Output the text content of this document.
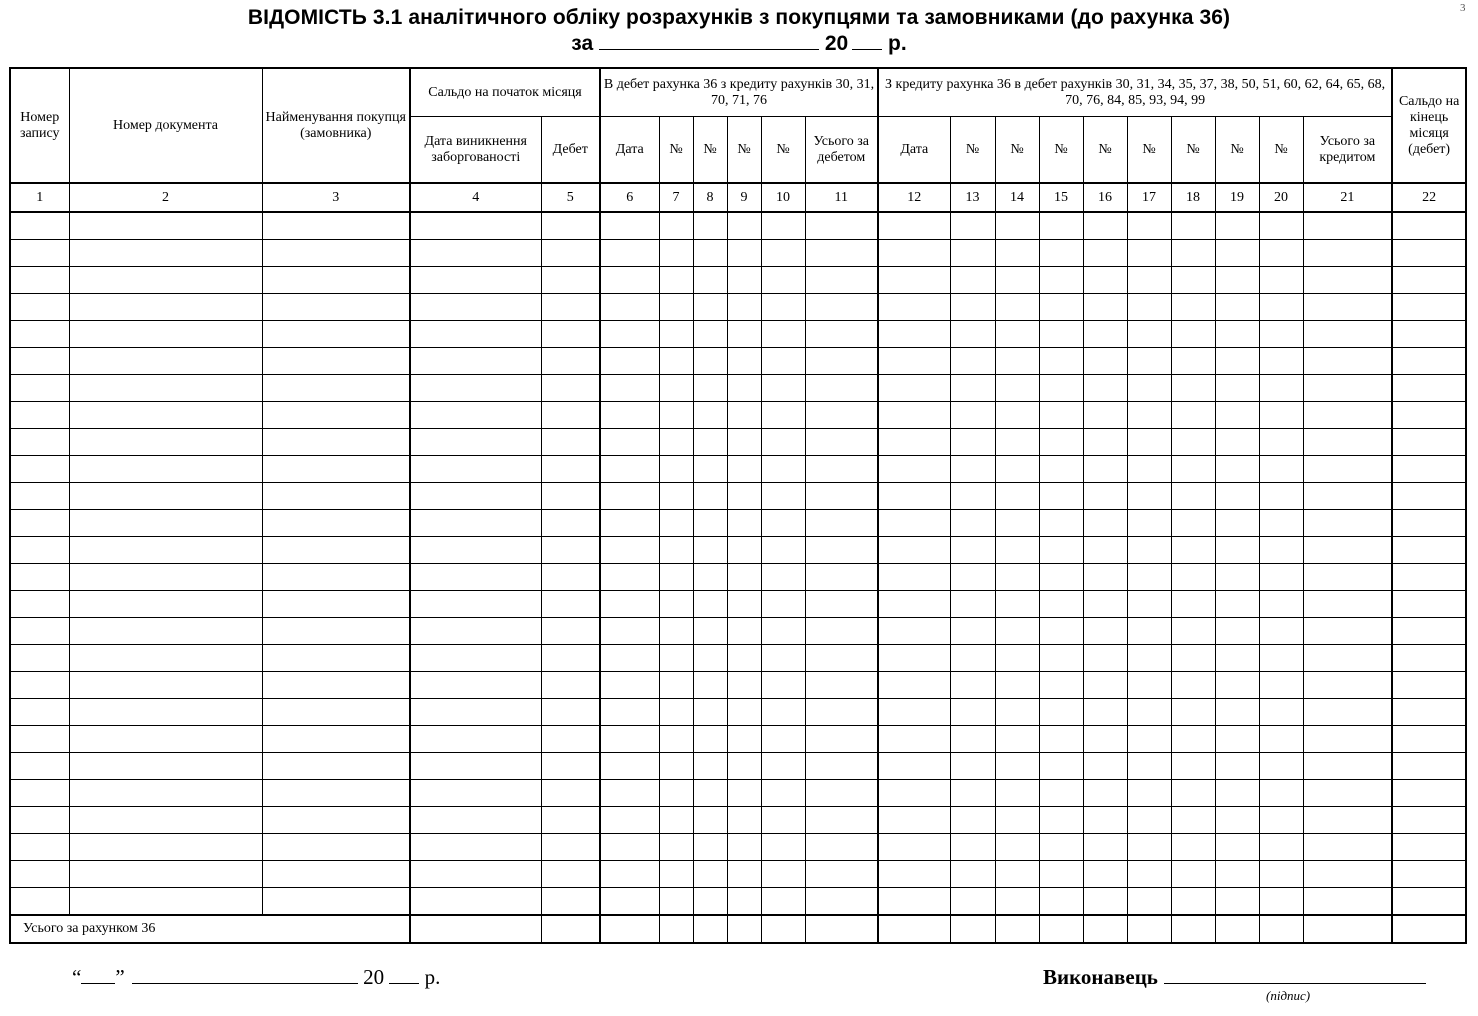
3
ВІДОМІСТЬ 3.1 аналітичного обліку розрахунків з покупцями та замовниками (до рахунка 36)
за	20 р.
Номер запису	Номер документа	Найменування покупця (замовника)	Сальдо на початок місяця		В дебет рахунка 36 з кредиту рахунків 30, 31, 70, 71, 76						З кредиту рахунка 36 в дебет рахунків 30, 31, 34, 35, 37, 38, 50, 51, 60, 62, 64, 65, 68, 70, 76, 84, 85, 93, 94, 99										Сальдо на кінець місяця (дебет)
			Дата виникнення заборгованості	Дебет	Дата	№	№	№	№	Усього за дебетом	Дата	№	№	№	№	№	№	№	№	Усього за кредитом	
1	2	3	4	5	6	7	8	9	10	11	12	13	14	15	16	17	18	19	20	21	22

Усього за рахунком 36																					
“ ”	20 р.	Виконавець
(підпис)
